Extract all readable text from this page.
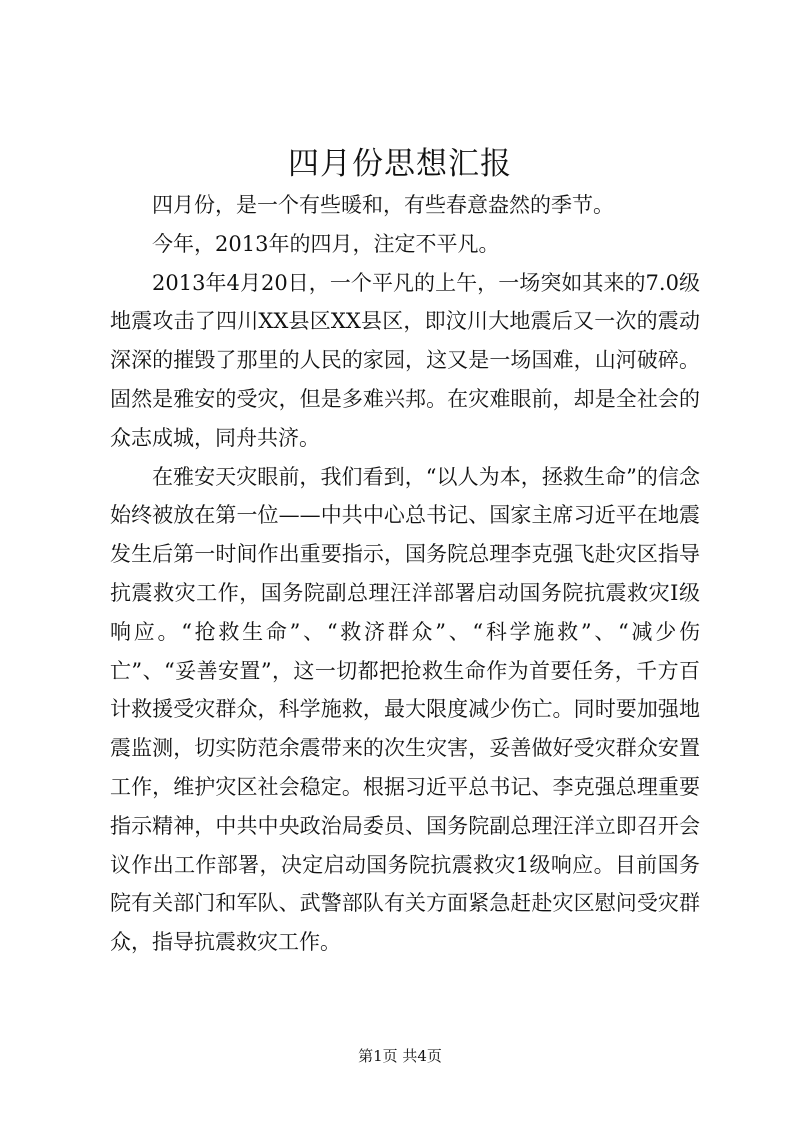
四月份思想汇报

四月份，是一个有些暖和，有些春意盎然的季节。

今年，2013年的四月，注定不平凡。

2013年4月20日，一个平凡的上午，一场突如其来的7.0级地震攻击了四川XX县区XX县区，即汶川大地震后又一次的震动深深的摧毁了那里的人民的家园，这又是一场国难，山河破碎。固然是雅安的受灾，但是多难兴邦。在灾难眼前，却是全社会的众志成城，同舟共济。

在雅安天灾眼前，我们看到，“以人为本，拯救生命”的信念始终被放在第一位——中共中心总书记、国家主席习近平在地震发生后第一时间作出重要指示，国务院总理李克强飞赴灾区指导抗震救灾工作，国务院副总理汪洋部署启动国务院抗震救灾Ⅰ级响应。“抢救生命”、“救济群众”、“科学施救”、“减少伤亡”、“妥善安置”，这一切都把抢救生命作为首要任务，千方百计救援受灾群众，科学施救，最大限度减少伤亡。同时要加强地震监测，切实防范余震带来的次生灾害，妥善做好受灾群众安置工作，维护灾区社会稳定。根据习近平总书记、李克强总理重要指示精神，中共中央政治局委员、国务院副总理汪洋立即召开会议作出工作部署，决定启动国务院抗震救灾1级响应。目前国务院有关部门和军队、武警部队有关方面紧急赶赴灾区慰问受灾群众，指导抗震救灾工作。

第1页 共4页
